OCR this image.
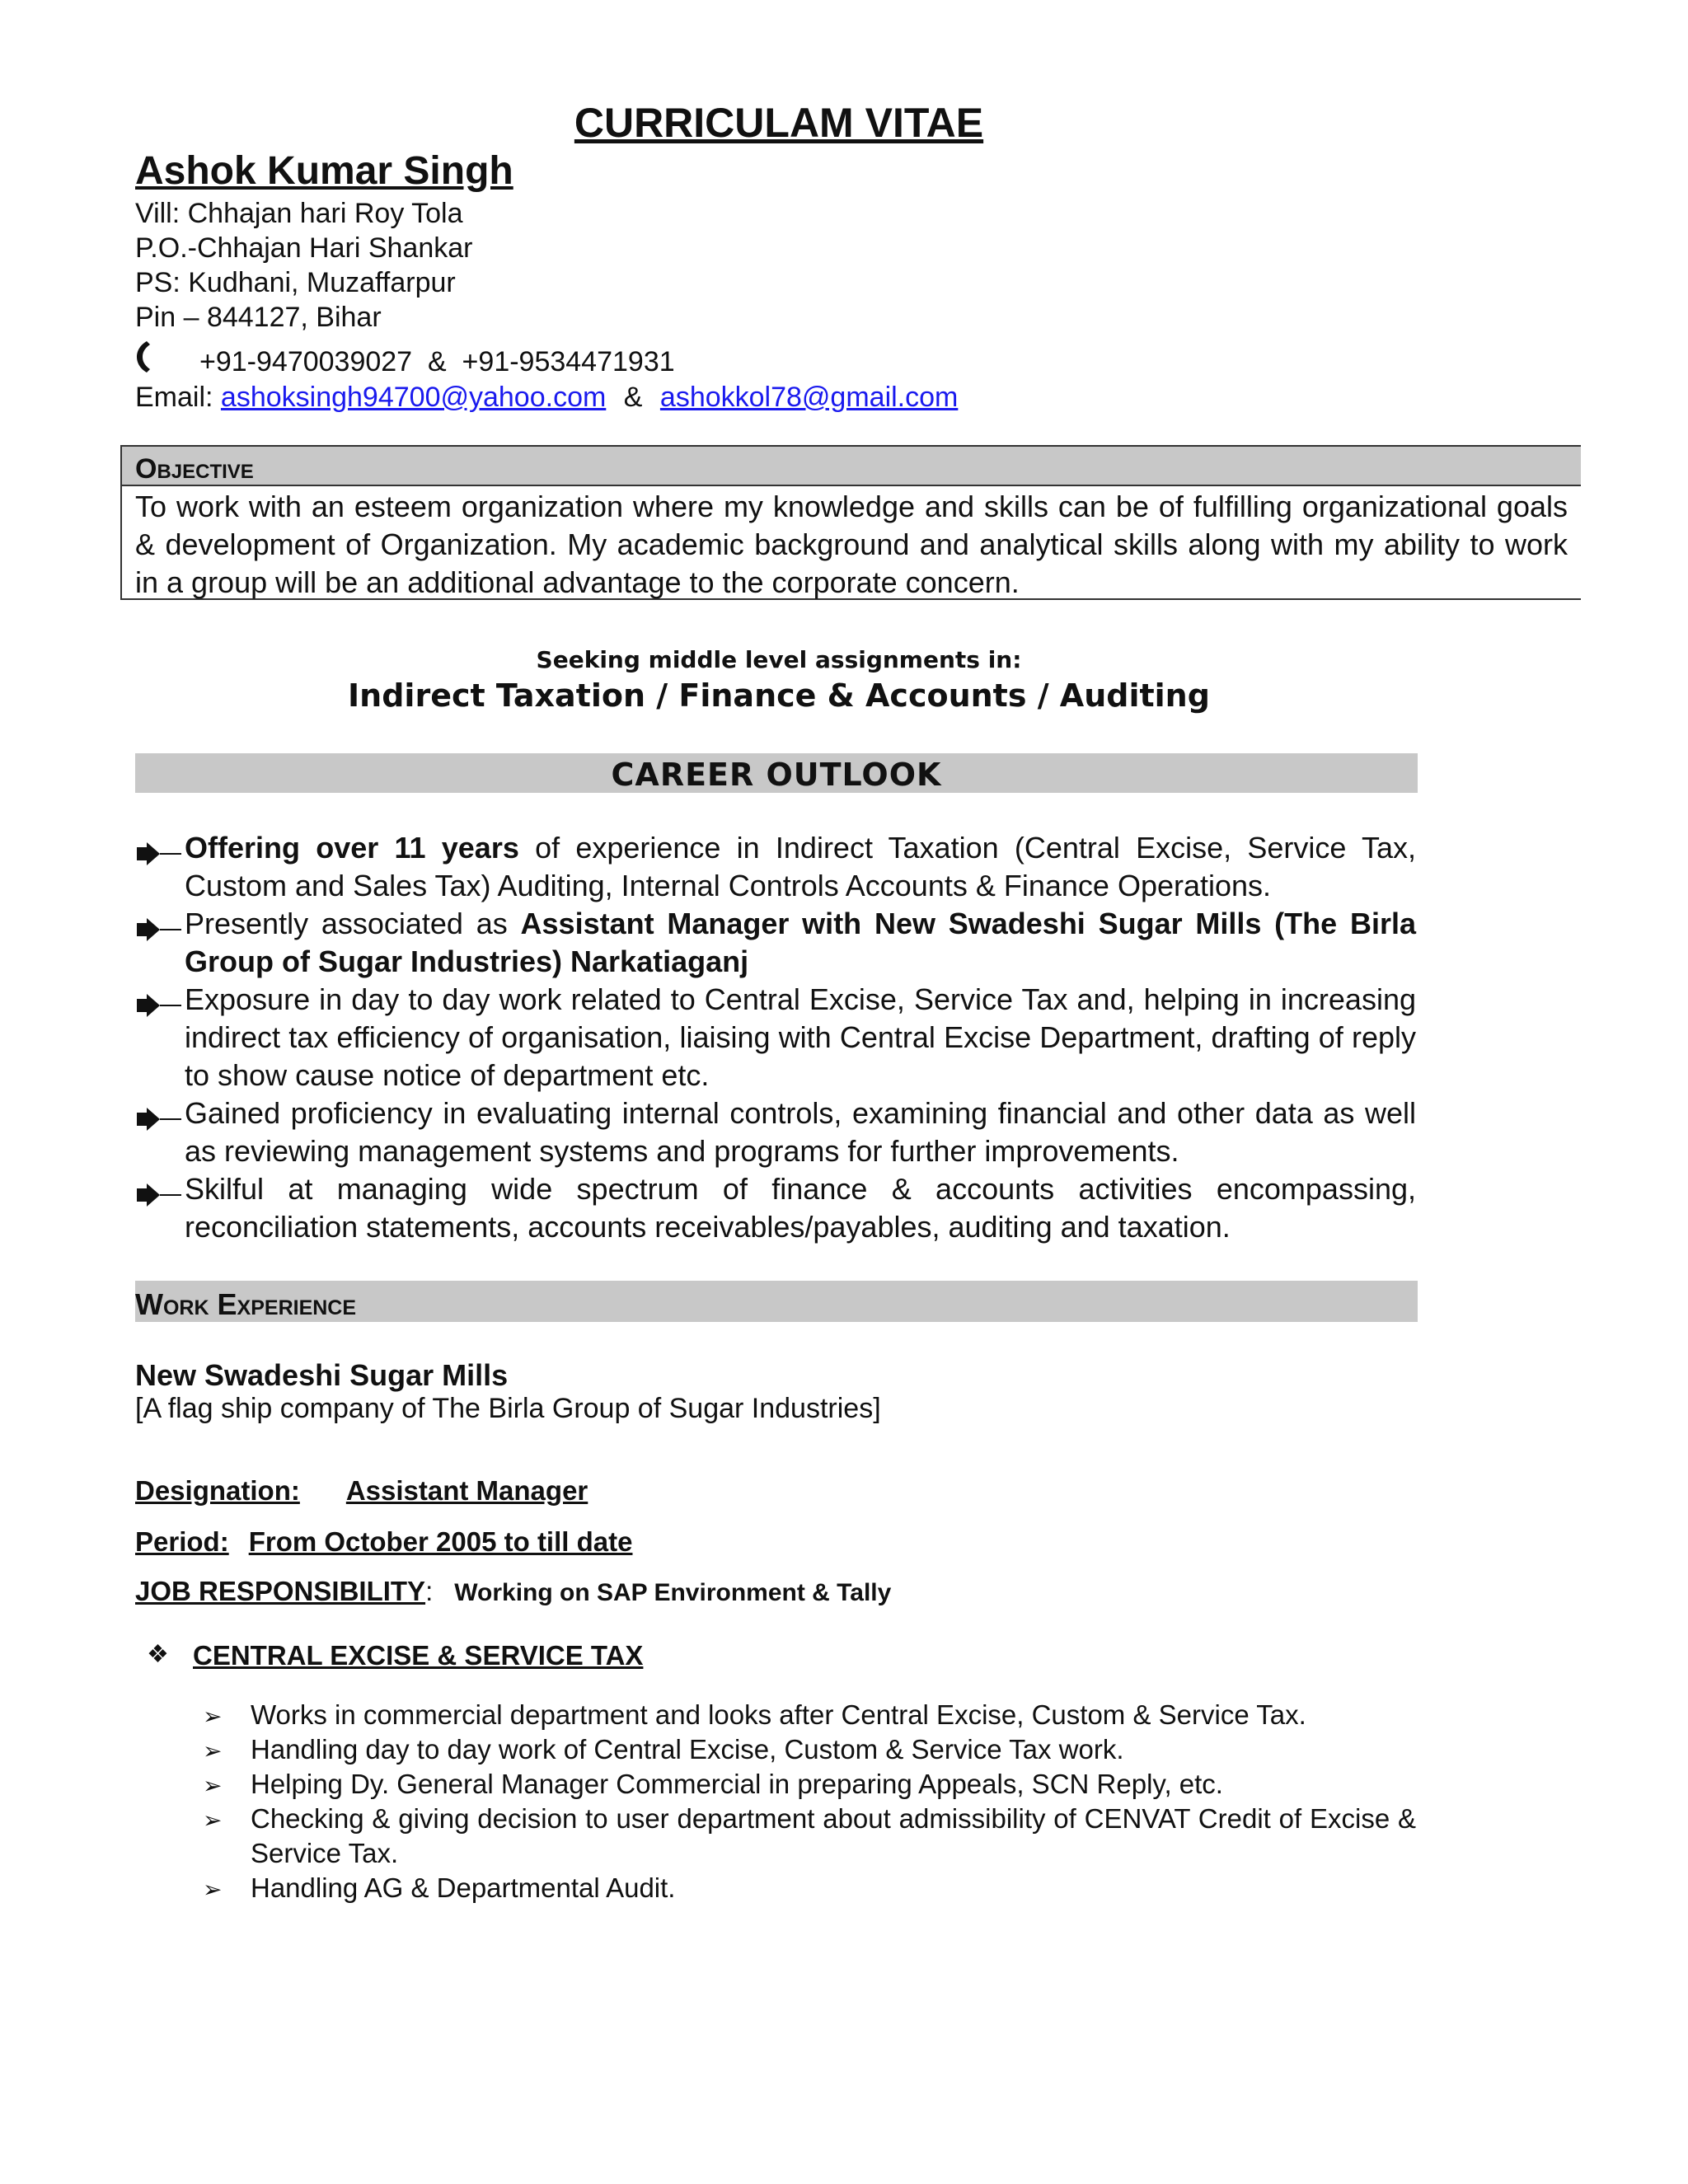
CURRICULAM VITAE
Ashok Kumar Singh
Vill: Chhajan hari Roy Tola
P.O.-Chhajan Hari Shankar
PS: Kudhani, Muzaffarpur
Pin – 844127, Bihar
+91-9470039027  &  +91-9534471931
Email: ashoksingh94700@yahoo.com & ashokkol78@gmail.com
Objective
To work with an esteem organization where my knowledge and skills can be of fulfilling organizational goals & development of Organization. My academic background and analytical skills along with my ability to work in a group will be an additional advantage to the corporate concern.
Seeking middle level assignments in:
Indirect Taxation / Finance & Accounts / Auditing
CAREER OUTLOOK
Offering over 11 years of experience in Indirect Taxation (Central Excise, Service Tax, Custom and Sales Tax) Auditing, Internal Controls Accounts & Finance Operations.
Presently associated as Assistant Manager with New Swadeshi Sugar Mills (The Birla Group of Sugar Industries) Narkatiaganj
Exposure in day to day work related to Central Excise, Service Tax and, helping in increasing indirect tax efficiency of organisation, liaising with Central Excise Department, drafting of reply to show cause notice of department etc.
Gained proficiency in evaluating internal controls, examining financial and other data as well as reviewing management systems and programs for further improvements.
Skilful at managing wide spectrum of finance & accounts activities encompassing, reconciliation statements, accounts receivables/payables, auditing and taxation.
Work Experience
New Swadeshi Sugar Mills
[A flag ship company of The Birla Group of Sugar Industries]
Designation: Assistant Manager
Period: From October 2005 to till date
JOB RESPONSIBILITY: Working on SAP Environment & Tally
❖ CENTRAL EXCISE & SERVICE TAX
➢ Works in commercial department and looks after Central Excise, Custom & Service Tax.
➢ Handling day to day work of Central Excise, Custom & Service Tax work.
➢ Helping Dy. General Manager Commercial in preparing Appeals, SCN Reply, etc.
➢ Checking & giving decision to user department about admissibility of CENVAT Credit of Excise & Service Tax.
➢ Handling AG & Departmental Audit.
